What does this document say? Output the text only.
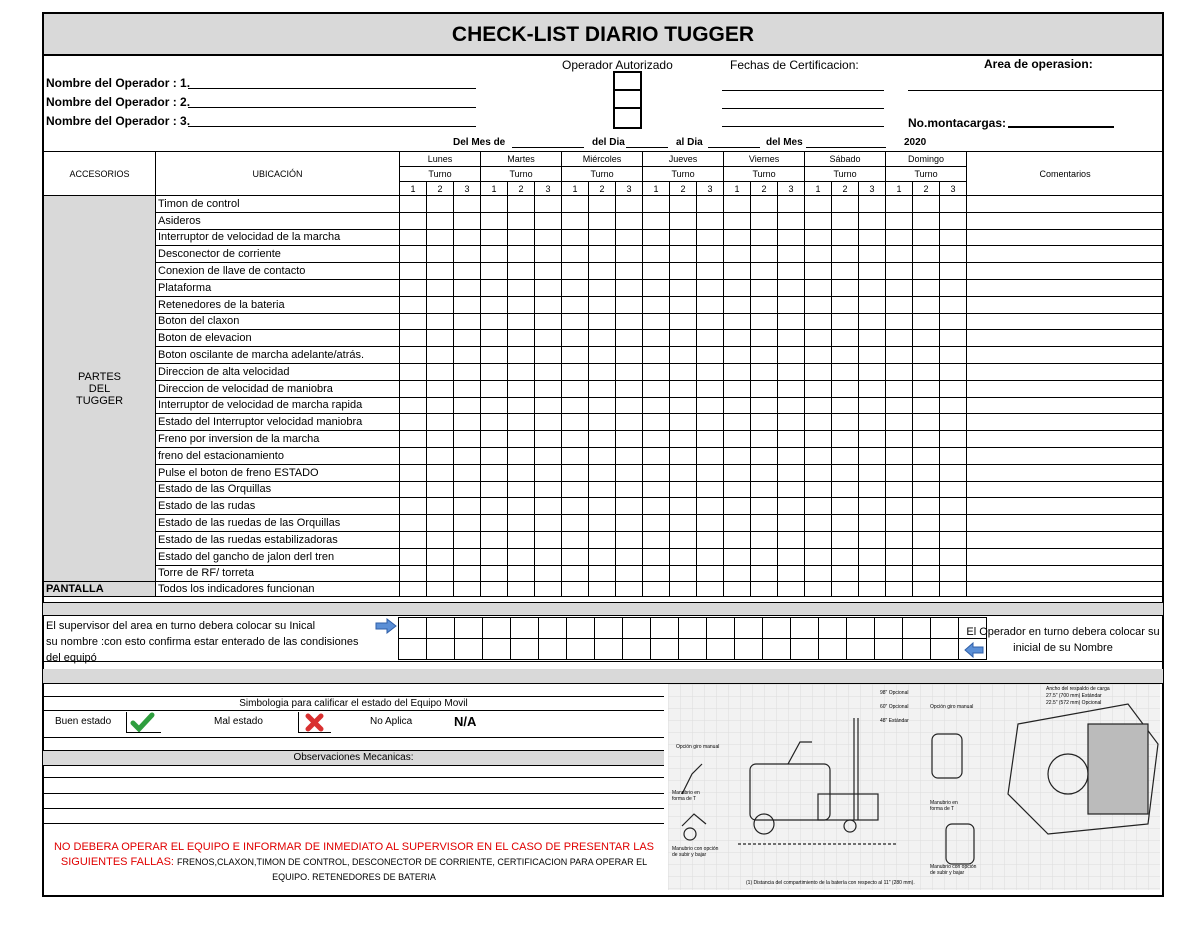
CHECK-LIST DIARIO TUGGER
Nombre del Operador : 1.
Nombre del Operador : 2.
Nombre del Operador : 3.
Operador Autorizado	Fechas de Certificacion:	Area de operasion:
No.montacargas:
Del Mes de	del Dia	al Dia	del Mes	2020
ACCESORIOS	UBICACIÓN	Lunes			Martes			Miércoles			Jueves			Viernes			Sábado			Domingo			Comentarios
		Turno			Turno			Turno			Turno			Turno			Turno			Turno			
		1	2	3	1	2	3	1	2	3	1	2	3	1	2	3	1	2	3	1	2	3	
PARTES DEL TUGGER	Timon de control																						
	Asideros																						
	Interruptor de velocidad de la marcha																						
	Desconector de corriente																						
	Conexion de llave de contacto																						
	Plataforma																						
	Retenedores de la bateria																						
	Boton del claxon																						
	Boton de elevacion																						
	Boton oscilante de marcha adelante/atrás.																						
	Direccion de alta velocidad																						
	Direccion de velocidad de maniobra																						
	Interruptor de velocidad de marcha rapida																						
	Estado del Interruptor velocidad maniobra																						
	Freno por inversion de la marcha																						
	freno del estacionamiento																						
	Pulse el boton de freno ESTADO																						
	Estado de las Orquillas																						
	Estado de las rudas																						
	Estado de las ruedas de las Orquillas																						
	Estado de las ruedas estabilizadoras																						
	Estado del gancho de jalon derl tren																						
	Torre de RF/ torreta																						
PANTALLA	Todos los indicadores funcionan																						
El supervisor del area en turno debera colocar su Inical
su nombre :con esto confirma estar enterado de las condisiones
del equipó
El Operador en turno debera colocar su inicial de su Nombre
Simbologia para calificar el estado del Equipo Movil
Buen estado	Mal estado	No Aplica	N/A
Observaciones Mecanicas:
NO DEBERA OPERAR EL EQUIPO E INFORMAR DE INMEDIATO AL SUPERVISOR EN EL CASO DE PRESENTAR LAS SIGUIENTES FALLAS: FRENOS,CLAXON,TIMON DE CONTROL, DESCONECTOR DE CORRIENTE, CERTIFICACION PARA OPERAR EL EQUIPO. RETENEDORES DE BATERIA
Opción giro manual
Manubrio en forma de T
Manubrio con opción de subir y bajar
Opción giro manual
Manubrio en forma de T
Manubrio con opción de subir y bajar
Ancho del respaldo de carga
27.5" (700 mm) Estándar
22.5" (572 mm) Opcional
98" Opcional
60" Opcional
48" Estándar
(1) Distancia del compartimiento de la batería con respecto al 11" (280 mm).
